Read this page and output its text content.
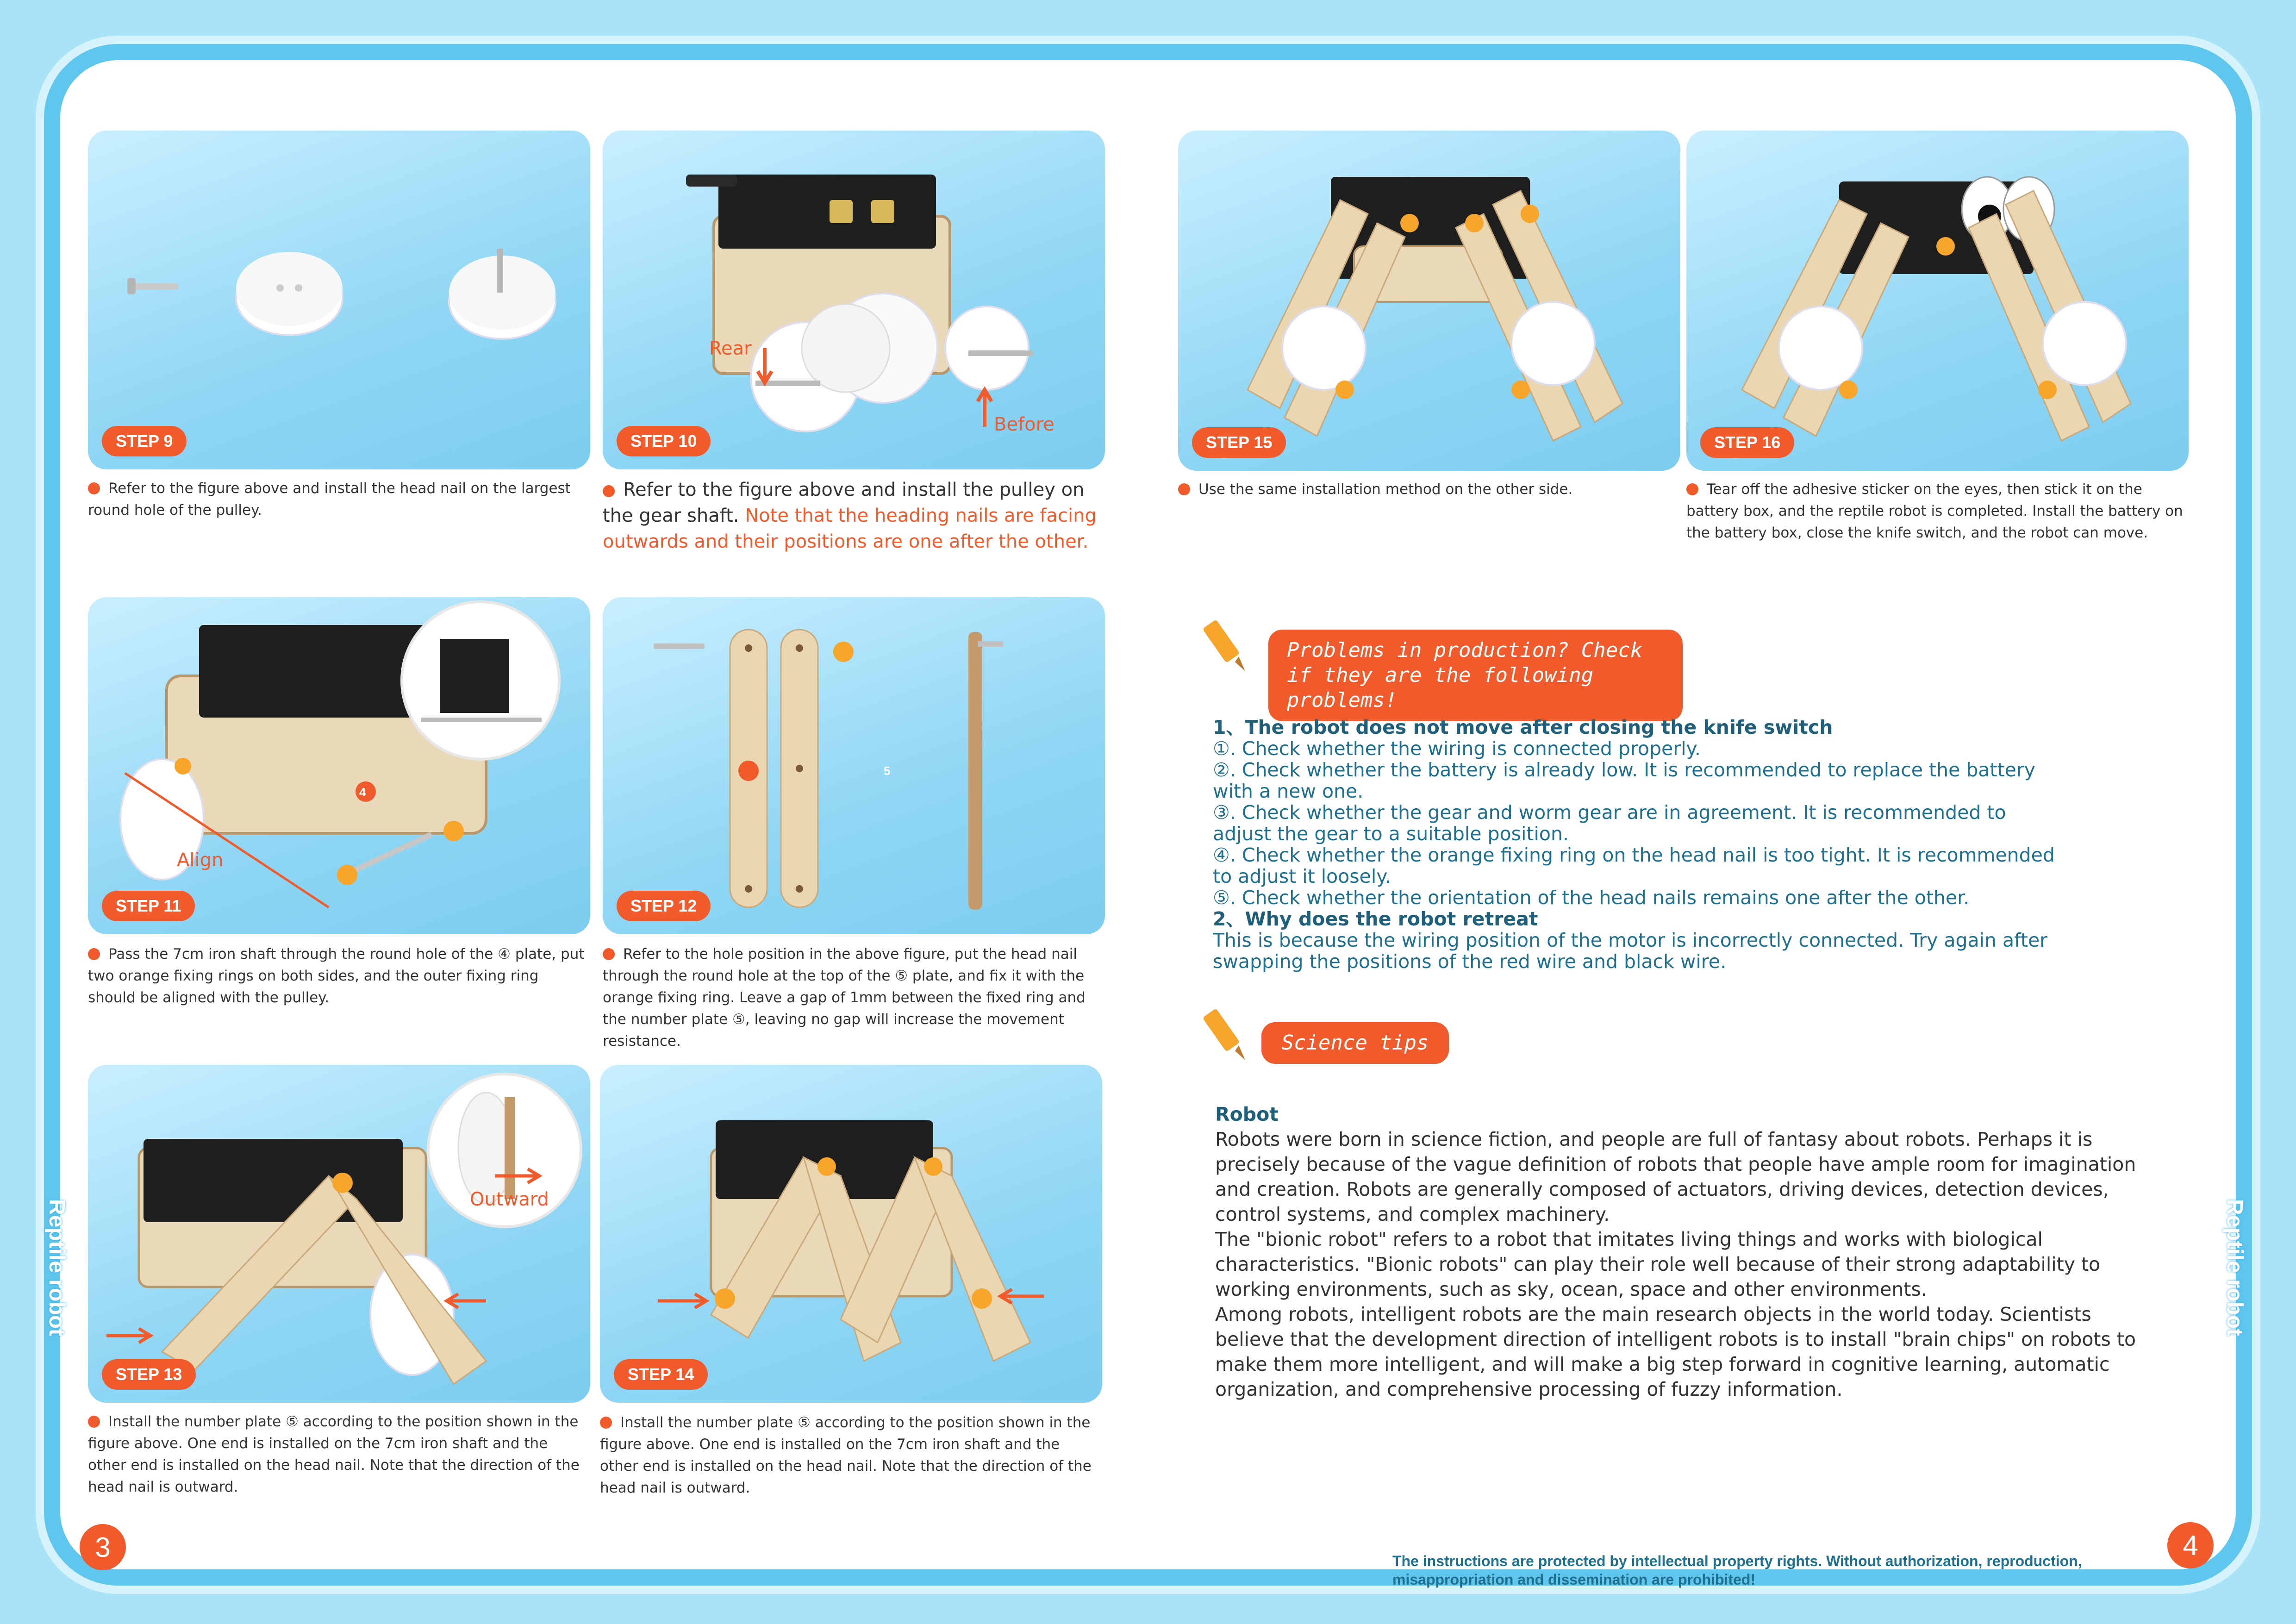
Reptile robot	Reptile robot
STEP 9
Refer to the figure above and install the head nail on the largest round hole of the pulley.
Rear
Before
STEP 10
Refer to the figure above and install the pulley on the gear shaft. Note that the heading nails are facing outwards and their positions are one after the other.
Align
4
STEP 11
Pass the 7cm iron shaft through the round hole of the ④ plate, put two orange fixing rings on both sides, and the outer fixing ring should be aligned with the pulley.
5
STEP 12
Refer to the hole position in the above figure, put the head nail through the round hole at the top of the ⑤ plate, and fix it with the orange fixing ring. Leave a gap of 1mm between the fixed ring and the number plate ⑤, leaving no gap will increase the movement resistance.
Outward
STEP 13
Install the number plate ⑤ according to the position shown in the figure above. One end is installed on the 7cm iron shaft and the other end is installed on the head nail. Note that the direction of the head nail is outward.
STEP 14
Install the number plate ⑤ according to the position shown in the figure above. One end is installed on the 7cm iron shaft and the other end is installed on the head nail. Note that the direction of the head nail is outward.
STEP 15
Use the same installation method on the other side.
STEP 16
Tear off the adhesive sticker on the eyes, then stick it on the battery box, and the reptile robot is completed. Install the battery on the battery box, close the knife switch, and the robot can move.
Problems in production? Check if they are the following problems!
1、The robot does not move after closing the knife switch
①. Check whether the wiring is connected properly.
②. Check whether the battery is already low. It is recommended to replace the battery with a new one.
③. Check whether the gear and worm gear are in agreement. It is recommended to adjust the gear to a suitable position.
④. Check whether the orange fixing ring on the head nail is too tight. It is recommended to adjust it loosely.
⑤. Check whether the orientation of the head nails remains one after the other.
2、Why does the robot retreat
This is because the wiring position of the motor is incorrectly connected. Try again after swapping the positions of the red wire and black wire.
Science tips
Robot
Robots were born in science fiction, and people are full of fantasy about robots. Perhaps it is precisely because of the vague definition of robots that people have ample room for imagination and creation. Robots are generally composed of actuators, driving devices, detection devices, control systems, and complex machinery.
The "bionic robot" refers to a robot that imitates living things and works with biological characteristics. "Bionic robots" can play their role well because of their strong adaptability to working environments, such as sky, ocean, space and other environments.
Among robots, intelligent robots are the main research objects in the world today. Scientists believe that the development direction of intelligent robots is to install "brain chips" on robots to make them more intelligent, and will make a big step forward in cognitive learning, automatic organization, and comprehensive processing of fuzzy information.
The instructions are protected by intellectual property rights. Without authorization, reproduction, misappropriation and dissemination are prohibited!
3	4
